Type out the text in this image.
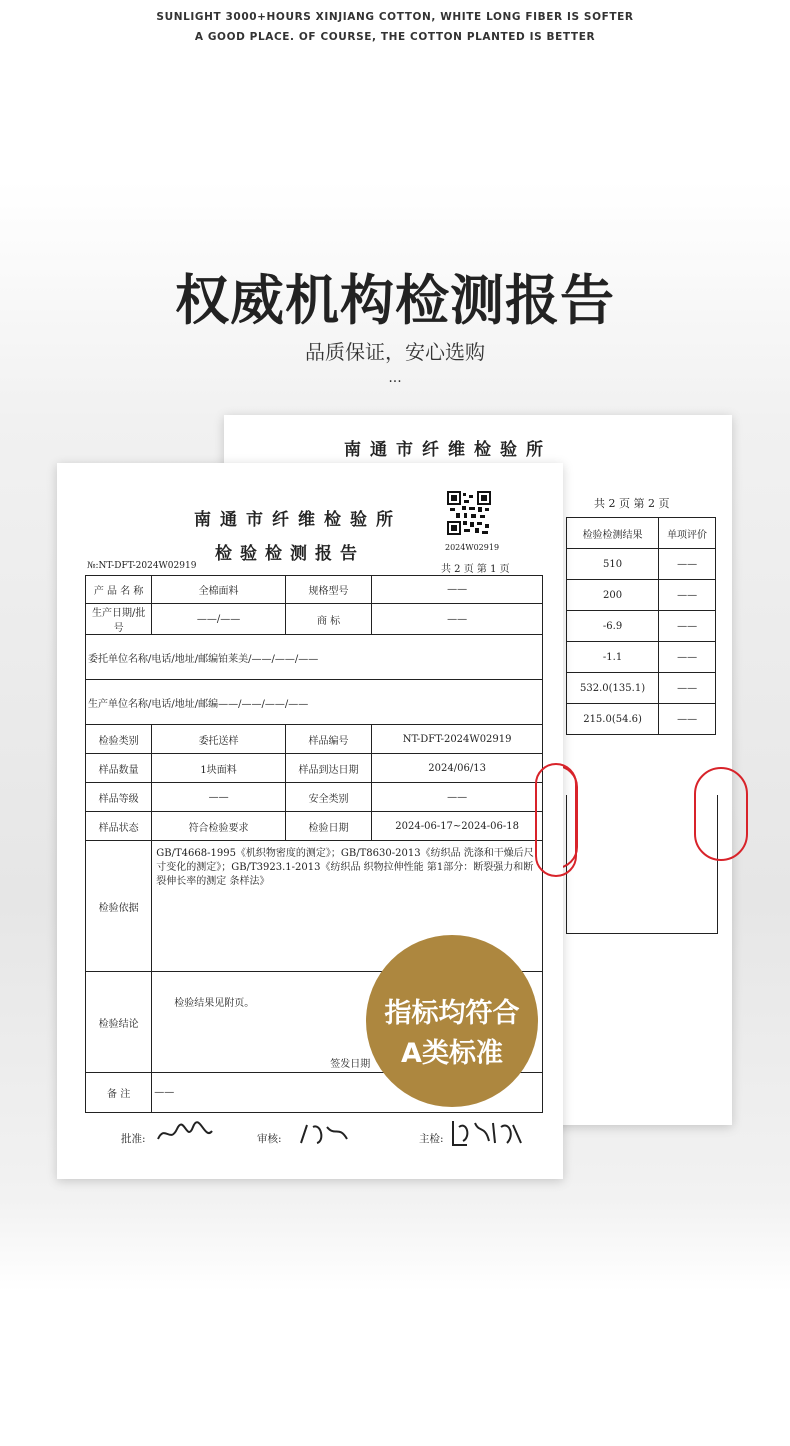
SUNLIGHT 3000+HOURS XINJIANG COTTON, WHITE LONG FIBER IS SOFTER
A GOOD PLACE. OF COURSE, THE COTTON PLANTED IS BETTER
权威机构检测报告
品质保证，安心选购
...
南通市纤维检验所
共 2 页 第 2 页
检验检测结果	单项评价
510	——
200	——
-6.9	——
-1.1	——
532.0(135.1)	——
215.0(54.6)	——
南通市纤维检验所
检验检测报告	2024W02919
№:NT-DFT-2024W02919	共 2 页 第 1 页
产 品 名 称	全棉面料	规格型号	——
生产日期/批号	——/——	商 标	——
委托单位名称/电话/地址/邮编铂莱美/——/——/——			
生产单位名称/电话/地址/邮编——/——/——/——			
检验类别	委托送样	样品编号	NT-DFT-2024W02919
样品数量	1块面料	样品到达日期	2024/06/13
样品等级	——	安全类别	——
样品状态	符合检验要求	检验日期	2024-06-17~2024-06-18
检验依据	GB/T4668-1995《机织物密度的测定》；GB/T8630-2013《纺织品 洗涤和干燥后尺寸变化的测定》；GB/T3923.1-2013《纺织品 织物拉伸性能 第1部分：断裂强力和断裂伸长率的测定 条样法》		
检验结论	检验结果见附页。
签发日期		

备 注	——		
批准:	审核:	主检:
指标均符合
A类标准
